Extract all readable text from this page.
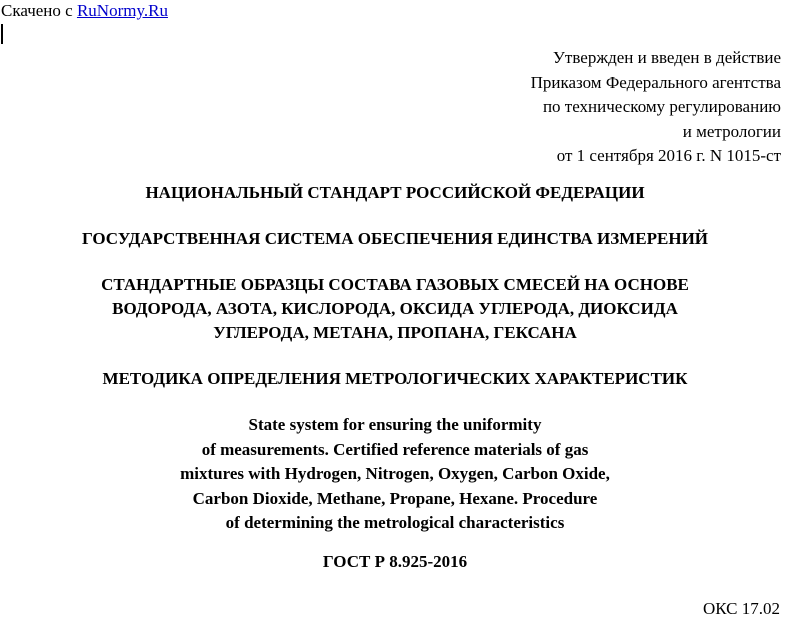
Скачено с RuNormy.Ru
Утвержден и введен в действие
Приказом Федерального агентства
по техническому регулированию
и метрологии
от 1 сентября 2016 г. N 1015-ст
НАЦИОНАЛЬНЫЙ СТАНДАРТ РОССИЙСКОЙ ФЕДЕРАЦИИ
ГОСУДАРСТВЕННАЯ СИСТЕМА ОБЕСПЕЧЕНИЯ ЕДИНСТВА ИЗМЕРЕНИЙ
СТАНДАРТНЫЕ ОБРАЗЦЫ СОСТАВА ГАЗОВЫХ СМЕСЕЙ НА ОСНОВЕ
ВОДОРОДА, АЗОТА, КИСЛОРОДА, ОКСИДА УГЛЕРОДА, ДИОКСИДА
УГЛЕРОДА, МЕТАНА, ПРОПАНА, ГЕКСАНА
МЕТОДИКА ОПРЕДЕЛЕНИЯ МЕТРОЛОГИЧЕСКИХ ХАРАКТЕРИСТИК
State system for ensuring the uniformity
of measurements. Certified reference materials of gas
mixtures with Hydrogen, Nitrogen, Oxygen, Carbon Oxide,
Carbon Dioxide, Methane, Propane, Hexane. Procedure
of determining the metrological characteristics
ГОСТ Р 8.925-2016
ОКС 17.02
